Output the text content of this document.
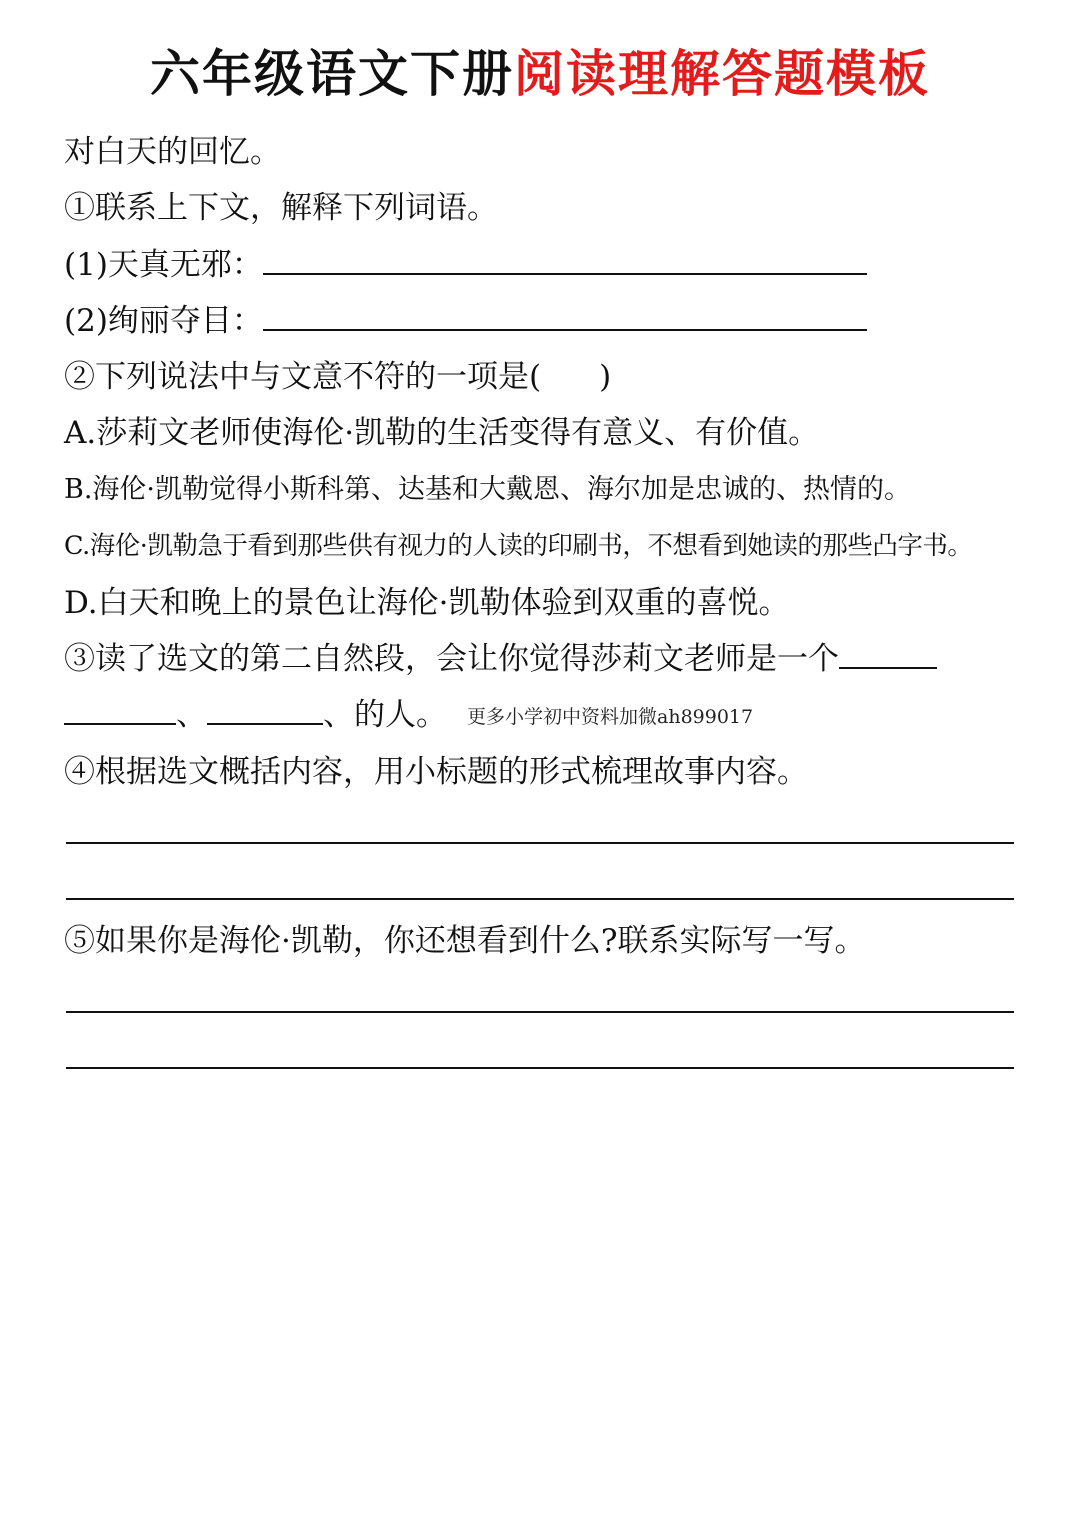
六年级语文下册阅读理解答题模板
对白天的回忆。
①联系上下文，解释下列词语。
(1)天真无邪：
(2)绚丽夺目：
②下列说法中与文意不符的一项是( )
A.莎莉文老师使海伦·凯勒的生活变得有意义、有价值。
B.海伦·凯勒觉得小斯科第、达基和大戴恩、海尔加是忠诚的、热情的。
C.海伦·凯勒急于看到那些供有视力的人读的印刷书，不想看到她读的那些凸字书。
D.白天和晚上的景色让海伦·凯勒体验到双重的喜悦。
③读了选文的第二自然段，会让你觉得莎莉文老师是一个
、	、的人。 更多小学初中资料加微ah899017
④根据选文概括内容，用小标题的形式梳理故事内容。
⑤如果你是海伦·凯勒，你还想看到什么?联系实际写一写。
